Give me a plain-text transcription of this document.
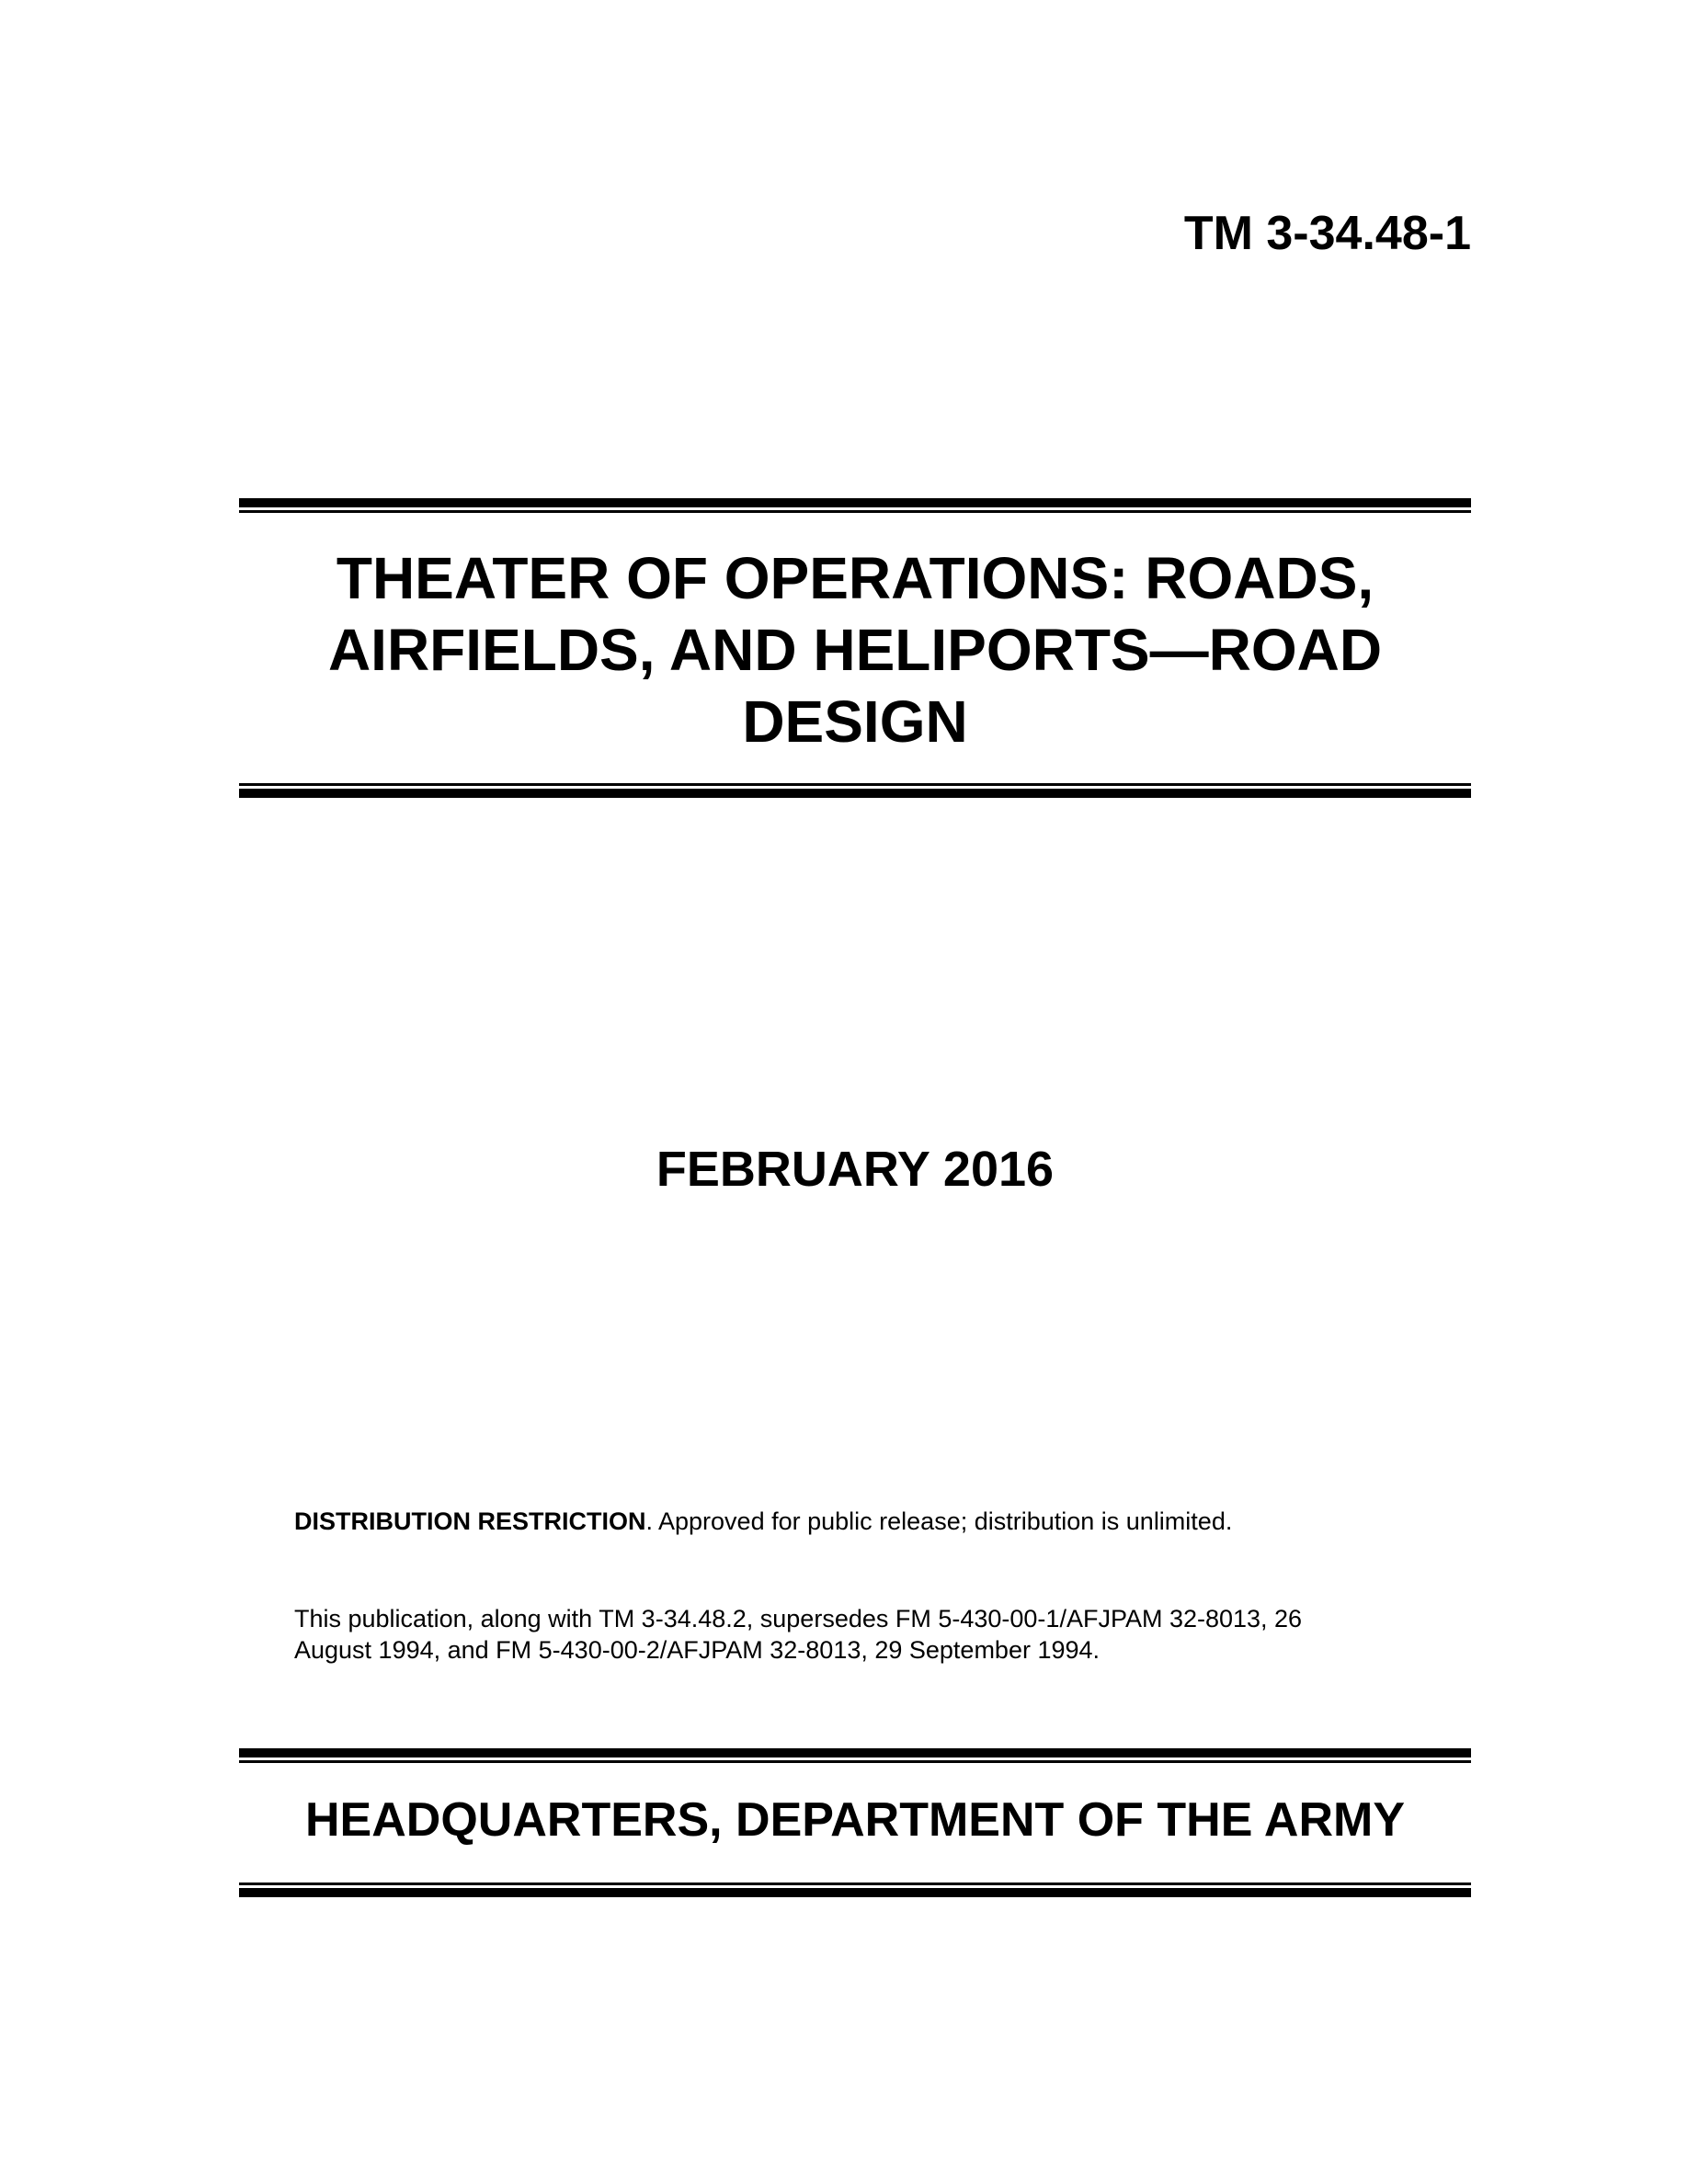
TM 3-34.48-1
THEATER OF OPERATIONS: ROADS,
AIRFIELDS, AND HELIPORTS—ROAD
DESIGN
FEBRUARY 2016
DISTRIBUTION RESTRICTION. Approved for public release; distribution is unlimited.
This publication, along with TM 3-34.48.2, supersedes FM 5-430-00-1/AFJPAM 32-8013, 26
August 1994, and FM 5-430-00-2/AFJPAM 32-8013, 29 September 1994.
HEADQUARTERS, DEPARTMENT OF THE ARMY
